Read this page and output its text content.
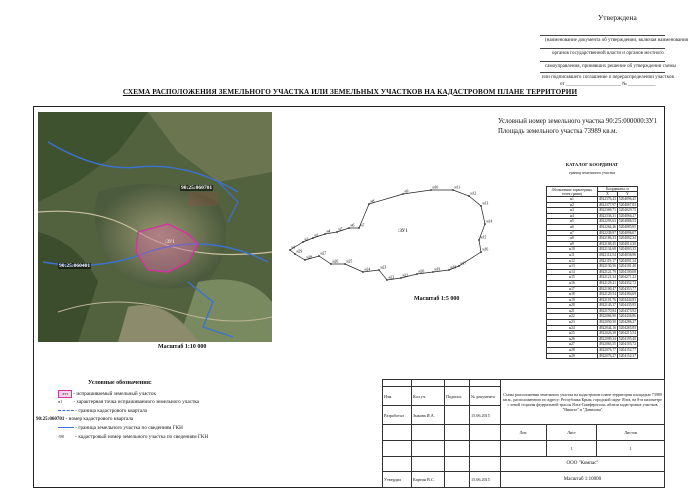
Утверждена
(наименование документа об утверждении, включая наименования
органов государственной власти и органов местного
самоуправления, принявших решение об утверждении схемы
или подписавшего соглашение о перераспределении участков
от ______________________ № ___________
СХЕМА РАСПОЛОЖЕНИЯ ЗЕМЕЛЬНОГО УЧАСТКА ИЛИ ЗЕМЕЛЬНЫХ УЧАСТКОВ НА КАДАСТРОВОМ ПЛАНЕ ТЕРРИТОРИИ
90:25:060701
90:25:060401
:ЗУ1
Масштаб 1:10 000
Условный номер земельного участка 90:25:000000:ЗУ1
Площадь земельного участка 73989 кв.м.
н1
н2
н3
н4 н5
н6 н7
н8
н9
н10	н11
н12
н13
н14
н15
н16
н17
н18
н19
н20
н21
н22
н23
н24
н25
н26
н27
н28
н29
:ЗУ1
Масштаб 1:5 000
КАТАЛОГ КООРДИНАТ
границ земельного участка
Обозначение характерных точек границ	Координаты, м	
	X	Y
н1	4922376,43	5204096,45
н2	4922377,97	5204067,83
н3	4922369,71	5204029,75
н4	4922336,31	5204066,27
н5	4922293,63	5204086,55
н6	4922264,46	5204085,85
н7	4922239,97	5204096,07
н8	4922186,33	5204002,34
н9	4922168,45	5204014,30
н10	4922134,68	5204003,35
н11	4922112,54	5204036,96
н12	4922119,17	5204001,34
н13	4922130,56	5204101,40
н14	4922121,79	5204100,08
н15	4922121,34	5204271,22
н16	4922129,21	5204352,72
н17	4922100,47	5204353,77
н18	4922129,54	5204384,69
н19	4922101,76	5204444,83
н20	4922143,37	5204435,95
н21	4922170,84	5204373,92
н22	4922066,90	5204436,86
н23	4922050,50	5204286,27
н24	4922044,16	5204265,85
н25	4922026,38	5204215,54
н26	4922009,34	5204195,40
н27	4922063,55	5204103,72
н28	4922076,77	5204152,77
н29	4922076,27	5204152,37
Условные обозначения:
:ЗУ1 - испрашиваемый земельный участок
н1 - характерная точка испрашиваемого земельного участка
- граница кадастрового квартала
90:25:060701 - номер кадастрового квартала
- граница земельного участка по сведениям ГКН
:98 - кадастровый номер земельного участка по сведениям ГКН
				Схема расположения земельного участка на кадастровом плане территории площадью 73989 кв.м., расположенного по адресу: Республика Крым, городской округ Ялта, на 8-м километре с левой стороны федеральной трассы Ялта-Симферополь, вблизи кадастровых участков "Никита" и "Данилова"		
Изм.	Кол.уч.	Подпись	№ документа			
Разработал	Зыкова И.А.		15.06.2015			
				Лит.	Лист	Листов
					1	1
				ООО "Компас"		
Утвердил	Картин В.С.		15.06.2015	Масштаб 1:10000		
